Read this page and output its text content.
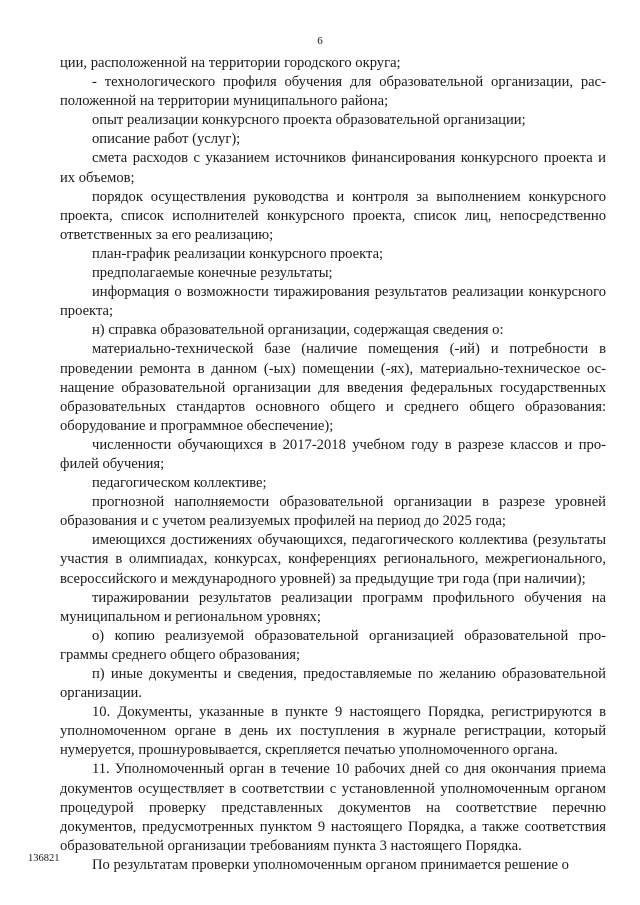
6

ции, расположенной на территории городского округа;

- технологического профиля обучения для образовательной организации, расположенной на территории муниципального района;

опыт реализации конкурсного проекта образовательной организации;

описание работ (услуг);

смета расходов с указанием источников финансирования конкурсного проекта и их объемов;

порядок осуществления руководства и контроля за выполнением конкурсного проекта, список исполнителей конкурсного проекта, список лиц, непосредственно ответственных за его реализацию;

план-график реализации конкурсного проекта;

предполагаемые конечные результаты;

информация о возможности тиражирования результатов реализации конкурсного проекта;

н) справка образовательной организации, содержащая сведения о:

материально-технической базе (наличие помещения (-ий) и потребности в проведении ремонта в данном (-ых) помещении (-ях), материально-техническое оснащение образовательной организации для введения федеральных государственных образовательных стандартов основного общего и среднего общего образования: оборудование и программное обеспечение);

численности обучающихся в 2017-2018 учебном году в разрезе классов и профилей обучения;

педагогическом коллективе;

прогнозной наполняемости образовательной организации в разрезе уровней образования и с учетом реализуемых профилей на период до 2025 года;

имеющихся достижениях обучающихся, педагогического коллектива (результаты участия в олимпиадах, конкурсах, конференциях регионального, межрегионального, всероссийского и международного уровней) за предыдущие три года (при наличии);

тиражировании результатов реализации программ профильного обучения на муниципальном и региональном уровнях;

о) копию реализуемой образовательной организацией образовательной программы среднего общего образования;

п) иные документы и сведения, предоставляемые по желанию образовательной организации.

10. Документы, указанные в пункте 9 настоящего Порядка, регистрируются в уполномоченном органе в день их поступления в журнале регистрации, который нумеруется, прошнуровывается, скрепляется печатью уполномоченного органа.

11. Уполномоченный орган в течение 10 рабочих дней со дня окончания приема документов осуществляет в соответствии с установленной уполномоченным органом процедурой проверку представленных документов на соответствие перечню документов, предусмотренных пунктом 9 настоящего Порядка, а также соответствия образовательной организации требованиям пункта 3 настоящего Порядка.

По результатам проверки уполномоченным органом принимается решение о

136821
